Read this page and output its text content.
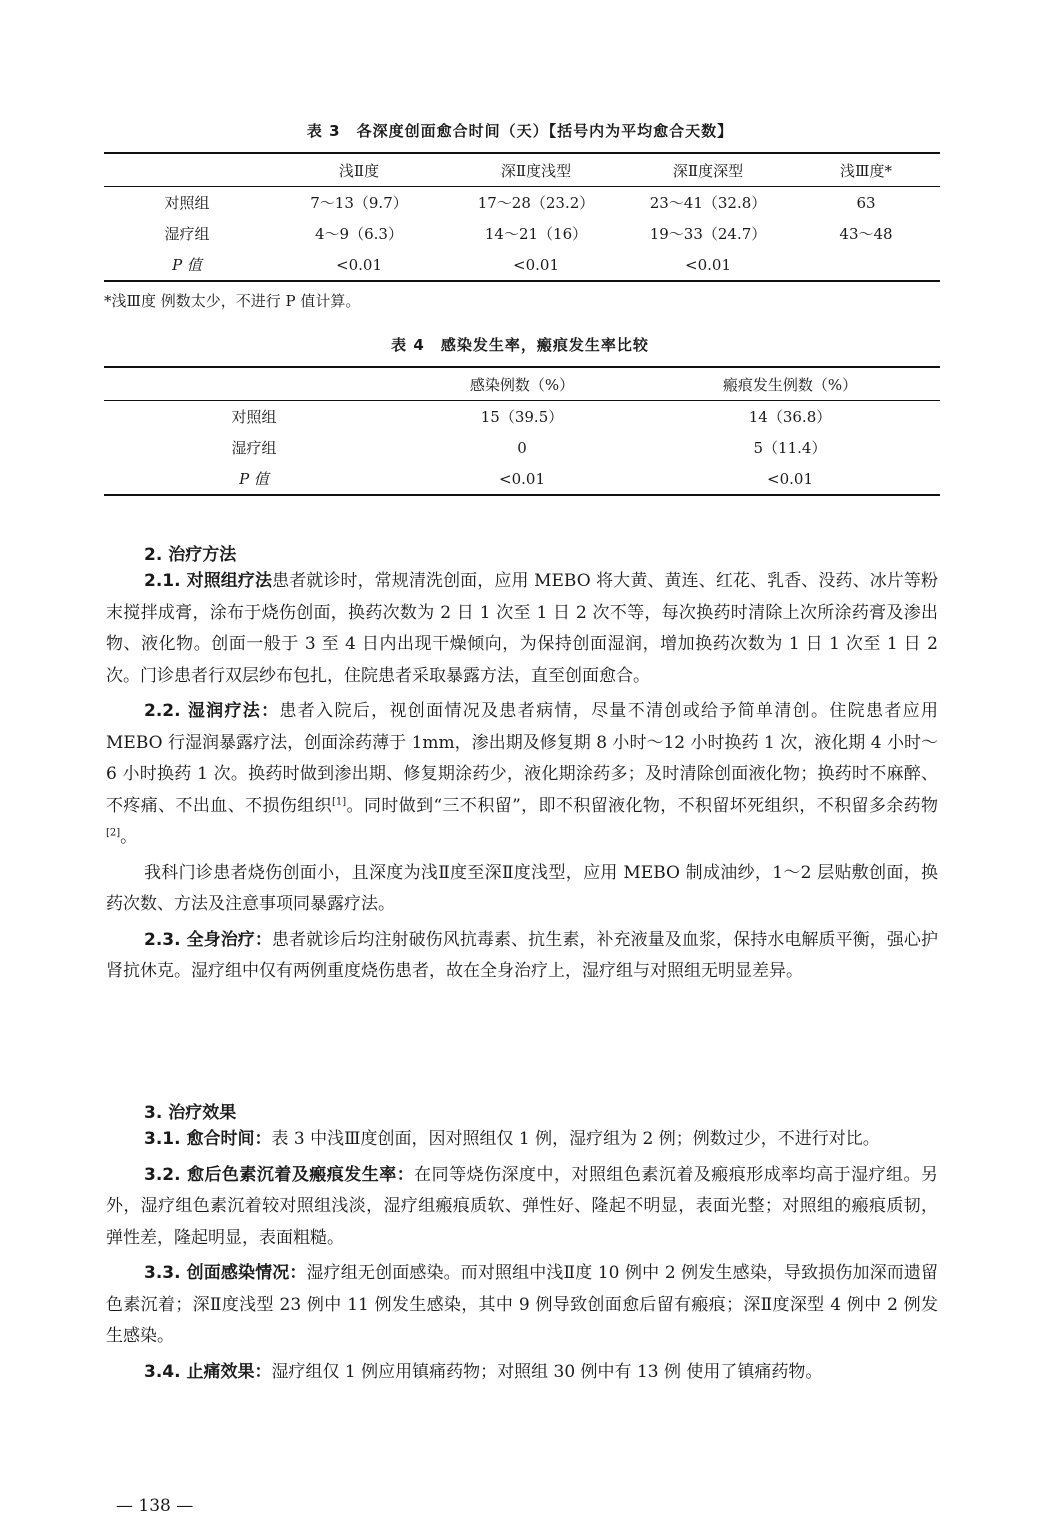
表 3　各深度创面愈合时间（天）【括号内为平均愈合天数】
	浅Ⅱ度	深Ⅱ度浅型	深Ⅱ度深型	浅Ⅲ度*
对照组	7～13（9.7）	17～28（23.2）	23～41（32.8）	63
湿疗组	4～9（6.3）	14～21（16）	19～33（24.7）	43～48
P 值	<0.01	<0.01	<0.01	
*浅Ⅲ度 例数太少，不进行 P 值计算。
表 4　感染发生率，瘢痕发生率比较
	感染例数（%）	瘢痕发生例数（%）
对照组	15（39.5）	14（36.8）
湿疗组	0	5（11.4）
P 值	<0.01	<0.01
2. 治疗方法

2.1. 对照组疗法患者就诊时，常规清洗创面，应用 MEBO 将大黄、黄连、红花、乳香、没药、冰片等粉末搅拌成膏，涂布于烧伤创面，换药次数为 2 日 1 次至 1 日 2 次不等，每次换药时清除上次所涂药膏及渗出物、液化物。创面一般于 3 至 4 日内出现干燥倾向，为保持创面湿润，增加换药次数为 1 日 1 次至 1 日 2 次。门诊患者行双层纱布包扎，住院患者采取暴露方法，直至创面愈合。

2.2. 湿润疗法：患者入院后，视创面情况及患者病情，尽量不清创或给予简单清创。住院患者应用 MEBO 行湿润暴露疗法，创面涂药薄于 1mm，渗出期及修复期 8 小时～12 小时换药 1 次，液化期 4 小时～6 小时换药 1 次。换药时做到渗出期、修复期涂药少，液化期涂药多；及时清除创面液化物；换药时不麻醉、不疼痛、不出血、不损伤组织[1]。同时做到“三不积留”，即不积留液化物，不积留坏死组织，不积留多余药物[2]。

我科门诊患者烧伤创面小，且深度为浅Ⅱ度至深Ⅱ度浅型，应用 MEBO 制成油纱，1～2 层贴敷创面，换药次数、方法及注意事项同暴露疗法。

2.3. 全身治疗：患者就诊后均注射破伤风抗毒素、抗生素，补充液量及血浆，保持水电解质平衡，强心护肾抗休克。湿疗组中仅有两例重度烧伤患者，故在全身治疗上，湿疗组与对照组无明显差异。

3. 治疗效果

3.1. 愈合时间：表 3 中浅Ⅲ度创面，因对照组仅 1 例，湿疗组为 2 例；例数过少，不进行对比。

3.2. 愈后色素沉着及瘢痕发生率：在同等烧伤深度中，对照组色素沉着及瘢痕形成率均高于湿疗组。另外，湿疗组色素沉着较对照组浅淡，湿疗组瘢痕质软、弹性好、隆起不明显，表面光整；对照组的瘢痕质韧，弹性差，隆起明显，表面粗糙。

3.3. 创面感染情况：湿疗组无创面感染。而对照组中浅Ⅱ度 10 例中 2 例发生感染，导致损伤加深而遗留色素沉着；深Ⅱ度浅型 23 例中 11 例发生感染，其中 9 例导致创面愈后留有瘢痕；深Ⅱ度深型 4 例中 2 例发生感染。

3.4. 止痛效果：湿疗组仅 1 例应用镇痛药物；对照组 30 例中有 13 例 使用了镇痛药物。

— 138 —
